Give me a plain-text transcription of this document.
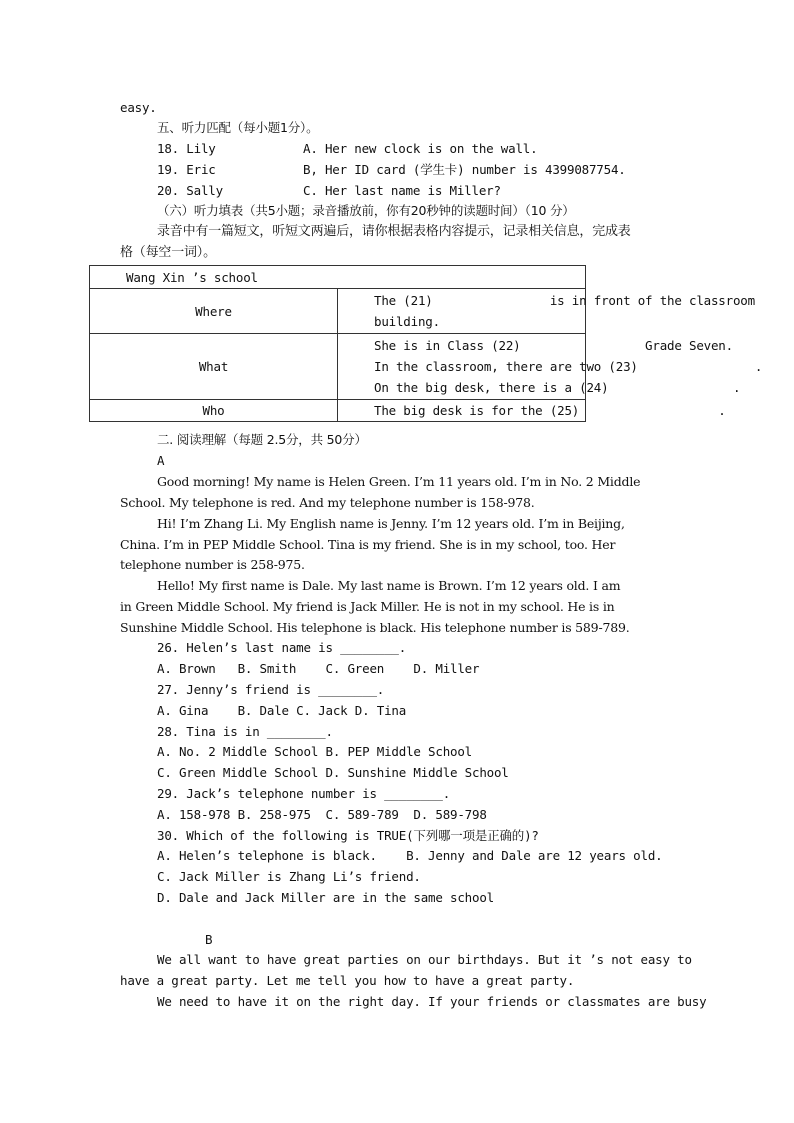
easy.
五、听力匹配（每小题1分）。
18. Lily	A. Her new clock is on the wall.
19. Eric	B, Her ID card (学生卡) number is 4399087754.
20. Sally	C. Her last name is Miller?
（六）听力填表（共5小题；录音播放前，你有20秒钟的读题时间）（10 分）
录音中有一篇短文，听短文两遍后，请你根据表格内容提示，记录相关信息，完成表
格（每空一词）。
Wang Xin ’s school	

Where	The (21)                is in front of the classroom
building.

What	She is in Class (22)                 Grade Seven.
In the classroom, there are two (23)                .
On the big desk, there is a (24)                 .

Who	The big desk is for the (25)                   .
二. 阅读理解（每题 2.5分，共 50分）
A
Good morning! My name is Helen Green. I’m 11 years old. I’m in No. 2 Middle
School. My telephone is red. And my telephone number is 158-978.
Hi! I’m Zhang Li. My English name is Jenny. I’m 12 years old. I’m in Beijing,
China. I’m in PEP Middle School. Tina is my friend. She is in my school, too. Her
telephone number is 258-975.
Hello! My first name is Dale. My last name is Brown. I’m 12 years old. I am
in Green Middle School. My friend is Jack Miller. He is not in my school. He is in
Sunshine Middle School. His telephone is black. His telephone number is 589-789.
26. Helen’s last name is ________.
A. Brown   B. Smith    C. Green    D. Miller
27. Jenny’s friend is ________.
A. Gina    B. Dale C. Jack D. Tina
28. Tina is in ________.
A. No. 2 Middle School B. PEP Middle School
C. Green Middle School D. Sunshine Middle School
29. Jack’s telephone number is ________.
A. 158-978 B. 258-975  C. 589-789  D. 589-798
30. Which of the following is TRUE(下列哪一项是正确的)?
A. Helen’s telephone is black.    B. Jenny and Dale are 12 years old.
C. Jack Miller is Zhang Li’s friend.
D. Dale and Jack Miller are in the same school
B
We all want to have great parties on our birthdays. But it ’s not easy to
have a great party. Let me tell you how to have a great party.
We need to have it on the right day. If your friends or classmates are busy
